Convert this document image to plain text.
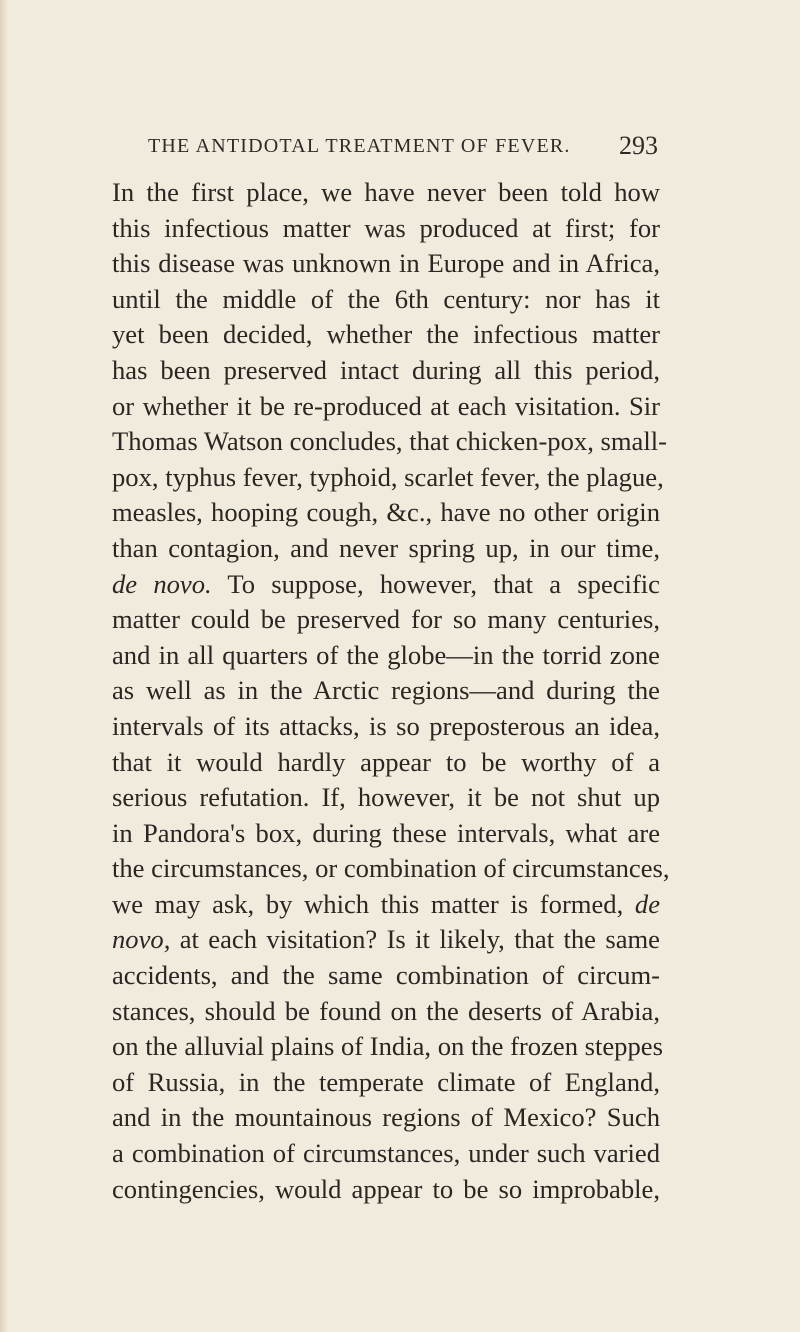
THE ANTIDOTAL TREATMENT OF FEVER. 293
In the first place, we have never been told how
this infectious matter was produced at first; for
this disease was unknown in Europe and in Africa,
until the middle of the 6th century: nor has it
yet been decided, whether the infectious matter
has been preserved intact during all this period,
or whether it be re-produced at each visitation. Sir
Thomas Watson concludes, that chicken-pox, small-
pox, typhus fever, typhoid, scarlet fever, the plague,
measles, hooping cough, &c., have no other origin
than contagion, and never spring up, in our time,
de novo. To suppose, however, that a specific
matter could be preserved for so many centuries,
and in all quarters of the globe—in the torrid zone
as well as in the Arctic regions—and during the
intervals of its attacks, is so preposterous an idea,
that it would hardly appear to be worthy of a
serious refutation. If, however, it be not shut up
in Pandora's box, during these intervals, what are
the circumstances, or combination of circumstances,
we may ask, by which this matter is formed, de
novo, at each visitation? Is it likely, that the same
accidents, and the same combination of circum-
stances, should be found on the deserts of Arabia,
on the alluvial plains of India, on the frozen steppes
of Russia, in the temperate climate of England,
and in the mountainous regions of Mexico? Such
a combination of circumstances, under such varied
contingencies, would appear to be so improbable,
